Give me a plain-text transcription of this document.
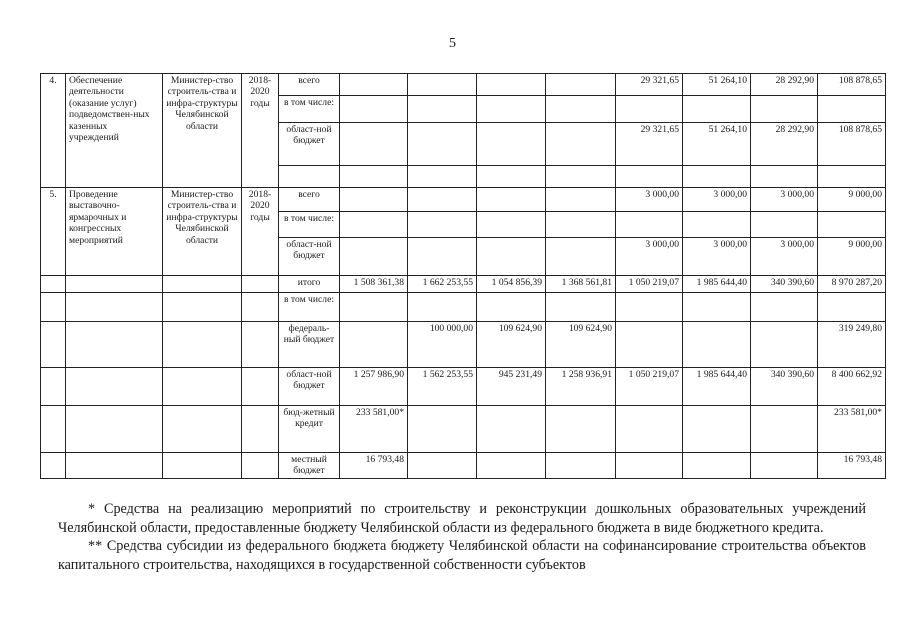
5
4.	Обеспечение деятельности (оказание услуг) подведомствен-ных казенных учреждений	Министер-ство строитель-ства и инфра-структуры Челябинской области	2018-2020 годы	всего					29 321,65	51 264,10	28 292,90	108 878,65
				в том числе:								
				област-ной бюджет					29 321,65	51 264,10	28 292,90	108 878,65

5.	Проведение выставочно-ярмарочных и конгрессных мероприятий	Министер-ство строитель-ства и инфра-структуры Челябинской области	2018-2020 годы	всего					3 000,00	3 000,00	3 000,00	9 000,00
				в том числе:								
				област-ной бюджет					3 000,00	3 000,00	3 000,00	9 000,00
				итого	1 508 361,38	1 662 253,55	1 054 856,39	1 368 561,81	1 050 219,07	1 985 644,40	340 390,60	8 970 287,20
				в том числе:								
				федераль-ный бюджет		100 000,00	109 624,90	109 624,90				319 249,80
				област-ной бюджет	1 257 986,90	1 562 253,55	945 231,49	1 258 936,91	1 050 219,07	1 985 644,40	340 390,60	8 400 662,92
				бюд-жетный кредит	233 581,00*							233 581,00*
				местный бюджет	16 793,48							16 793,48

* Средства на реализацию мероприятий по строительству и реконструкции дошкольных образовательных учреждений Челябинской области, предоставленные бюджету Челябинской области из федерального бюджета в виде бюджетного кредита.

** Средства субсидии из федерального бюджета бюджету Челябинской области на софинансирование строительства объектов капитального строительства, находящихся в государственной собственности субъектов
